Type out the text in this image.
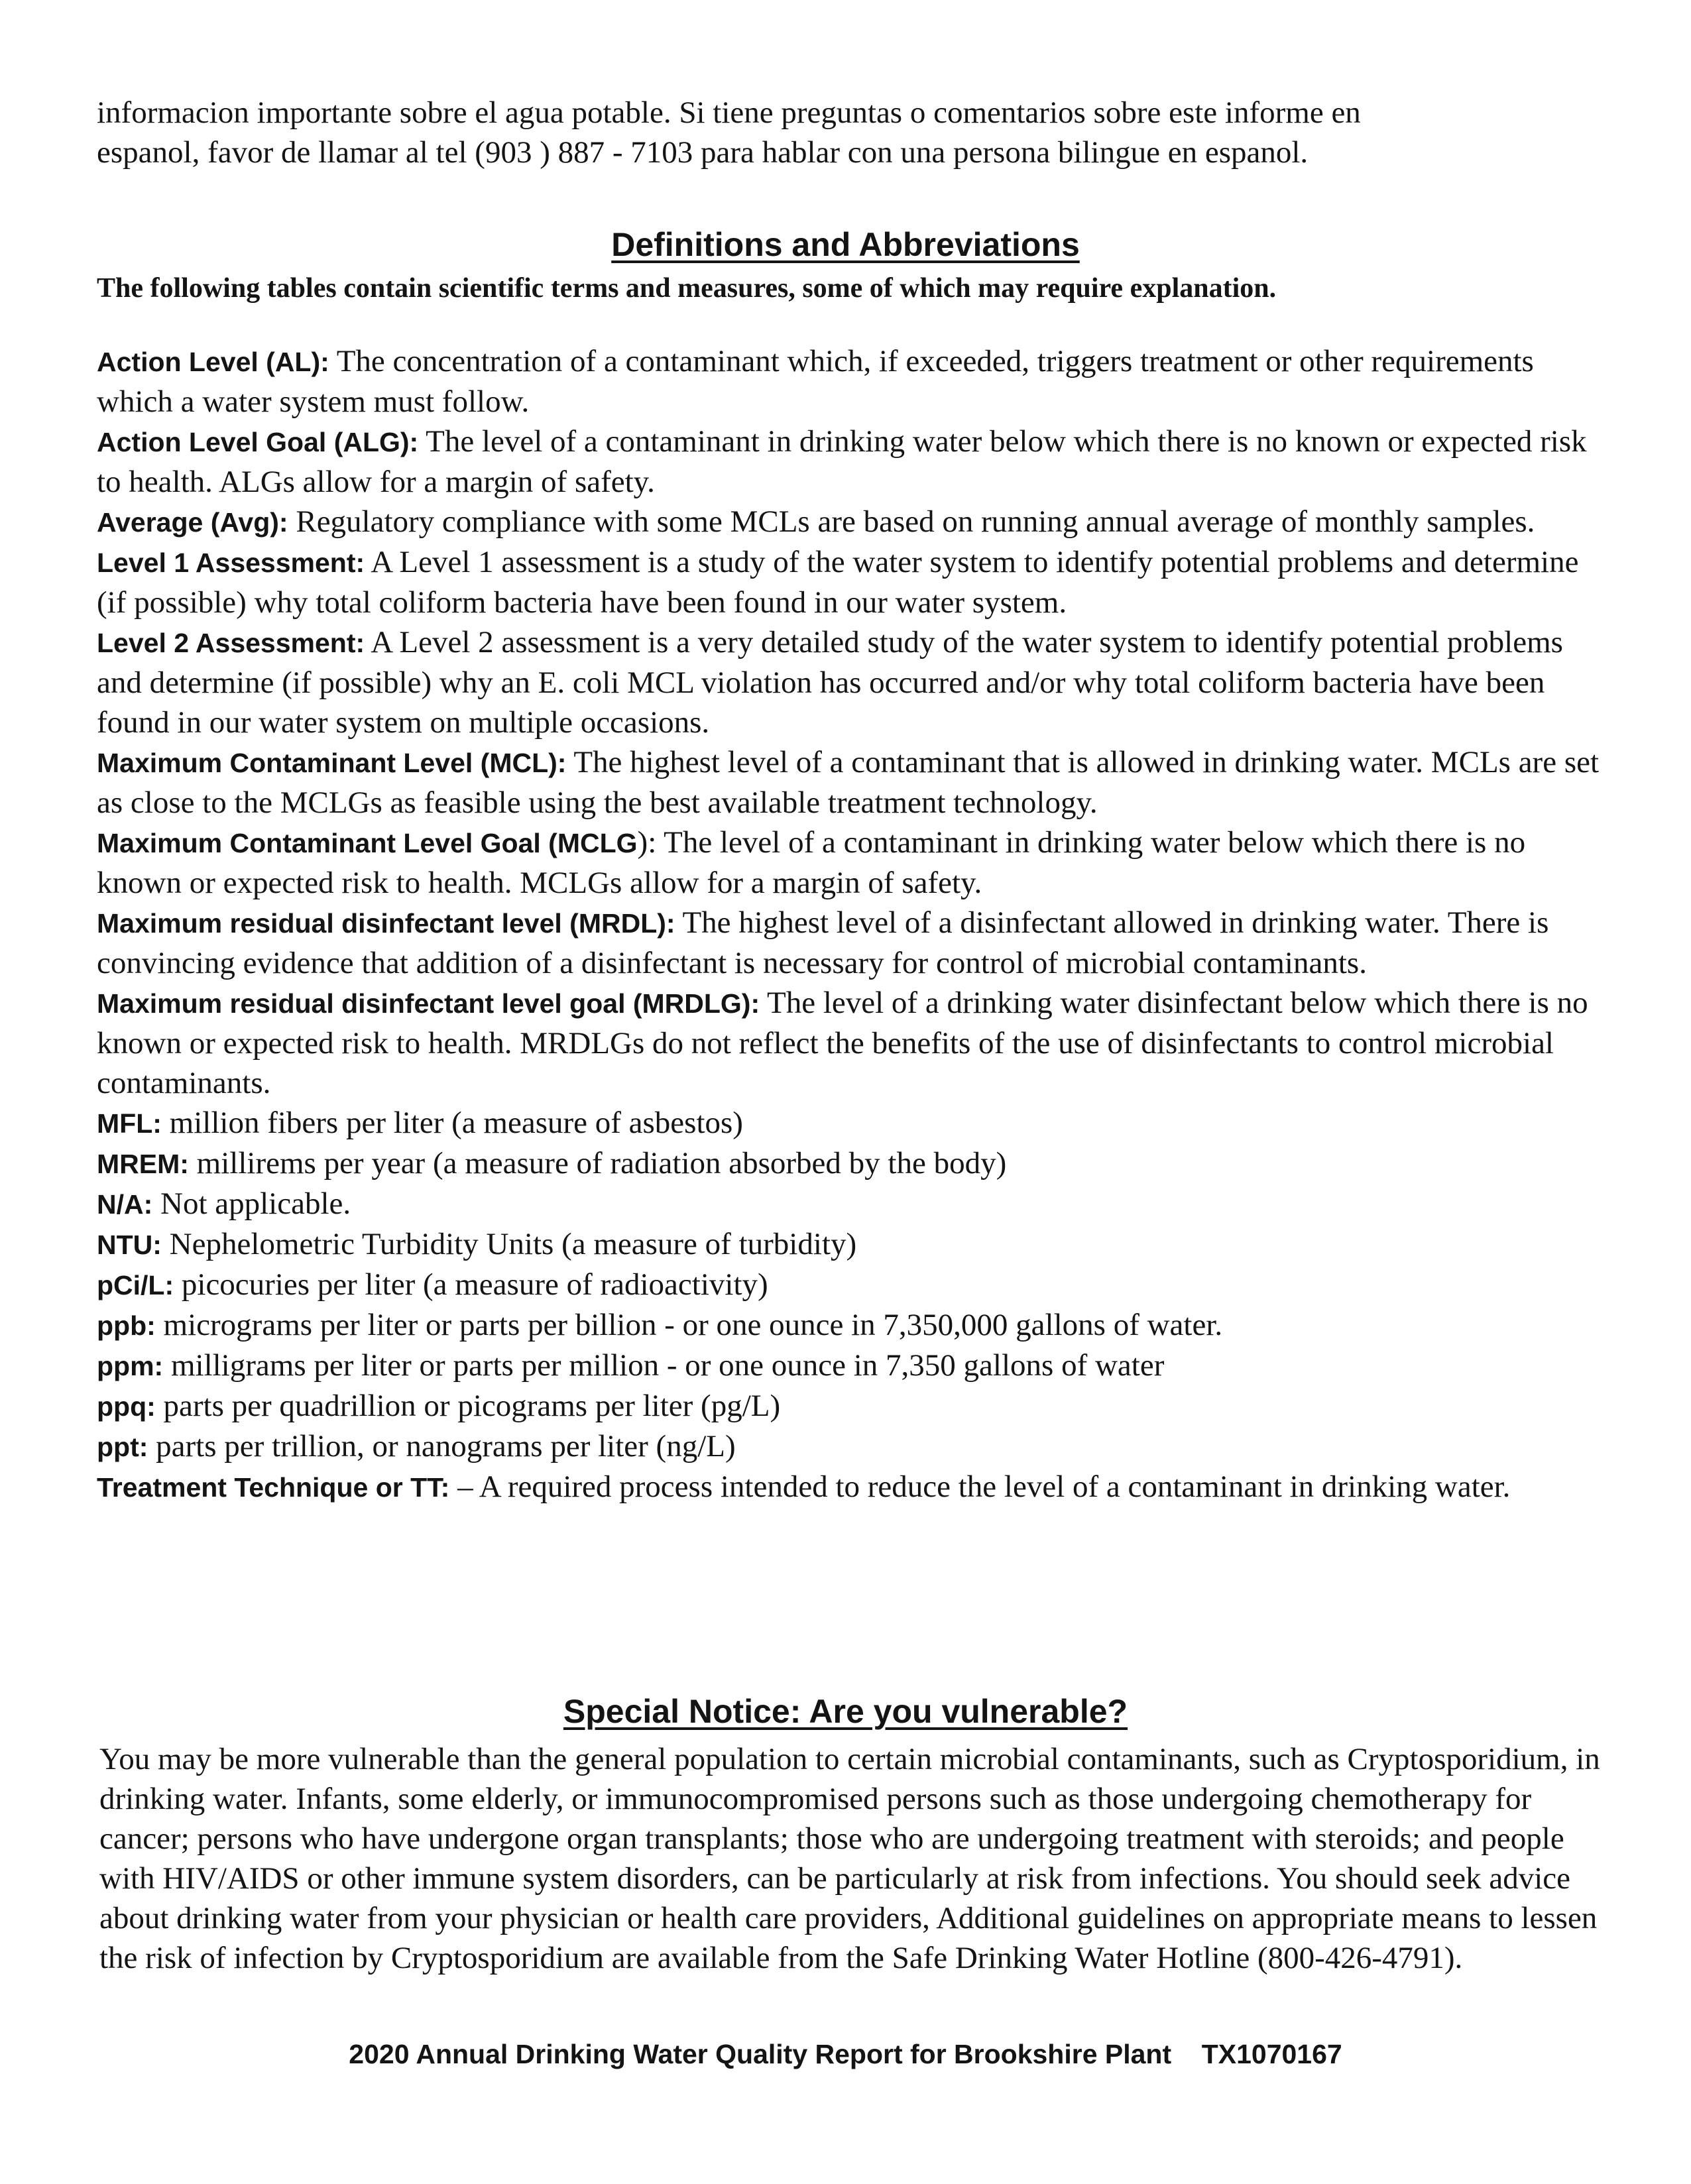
informacion importante sobre el agua potable. Si tiene preguntas o comentarios sobre este informe en

espanol, favor de llamar al tel (903 ) 887 - 7103 para hablar con una persona bilingue en espanol.

Definitions and Abbreviations
The following tables contain scientific terms and measures, some of which may require explanation.

Action Level (AL): The concentration of a contaminant which, if exceeded, triggers treatment or other requirements which a water system must follow.

Action Level Goal (ALG): The level of a contaminant in drinking water below which there is no known or expected risk to health. ALGs allow for a margin of safety.

Average (Avg): Regulatory compliance with some MCLs are based on running annual average of monthly samples.

Level 1 Assessment: A Level 1 assessment is a study of the water system to identify potential problems and determine (if possible) why total coliform bacteria have been found in our water system.

Level 2 Assessment: A Level 2 assessment is a very detailed study of the water system to identify potential problems and determine (if possible) why an E. coli MCL violation has occurred and/or why total coliform bacteria have been found in our water system on multiple occasions.

Maximum Contaminant Level (MCL): The highest level of a contaminant that is allowed in drinking water. MCLs are set as close to the MCLGs as feasible using the best available treatment technology.

Maximum Contaminant Level Goal (MCLG): The level of a contaminant in drinking water below which there is no known or expected risk to health. MCLGs allow for a margin of safety.

Maximum residual disinfectant level (MRDL): The highest level of a disinfectant allowed in drinking water. There is convincing evidence that addition of a disinfectant is necessary for control of microbial contaminants.

Maximum residual disinfectant level goal (MRDLG): The level of a drinking water disinfectant below which there is no known or expected risk to health. MRDLGs do not reflect the benefits of the use of disinfectants to control microbial contaminants.

MFL: million fibers per liter (a measure of asbestos)

MREM: millirems per year (a measure of radiation absorbed by the body)

N/A: Not applicable.

NTU: Nephelometric Turbidity Units (a measure of turbidity)

pCi/L: picocuries per liter (a measure of radioactivity)

ppb: micrograms per liter or parts per billion - or one ounce in 7,350,000 gallons of water.

ppm: milligrams per liter or parts per million - or one ounce in 7,350 gallons of water

ppq: parts per quadrillion or picograms per liter (pg/L)

ppt: parts per trillion, or nanograms per liter (ng/L)

Treatment Technique or TT: – A required process intended to reduce the level of a contaminant in drinking water.

Special Notice: Are you vulnerable?

You may be more vulnerable than the general population to certain microbial contaminants, such as Cryptosporidium, in drinking water. Infants, some elderly, or immunocompromised persons such as those undergoing chemotherapy for cancer; persons who have undergone organ transplants; those who are undergoing treatment with steroids; and people with HIV/AIDS or other immune system disorders, can be particularly at risk from infections. You should seek advice about drinking water from your physician or health care providers, Additional guidelines on appropriate means to lessen the risk of infection by Cryptosporidium are available from the Safe Drinking Water Hotline (800-426-4791).

2020 Annual Drinking Water Quality Report for Brookshire Plant    TX1070167
